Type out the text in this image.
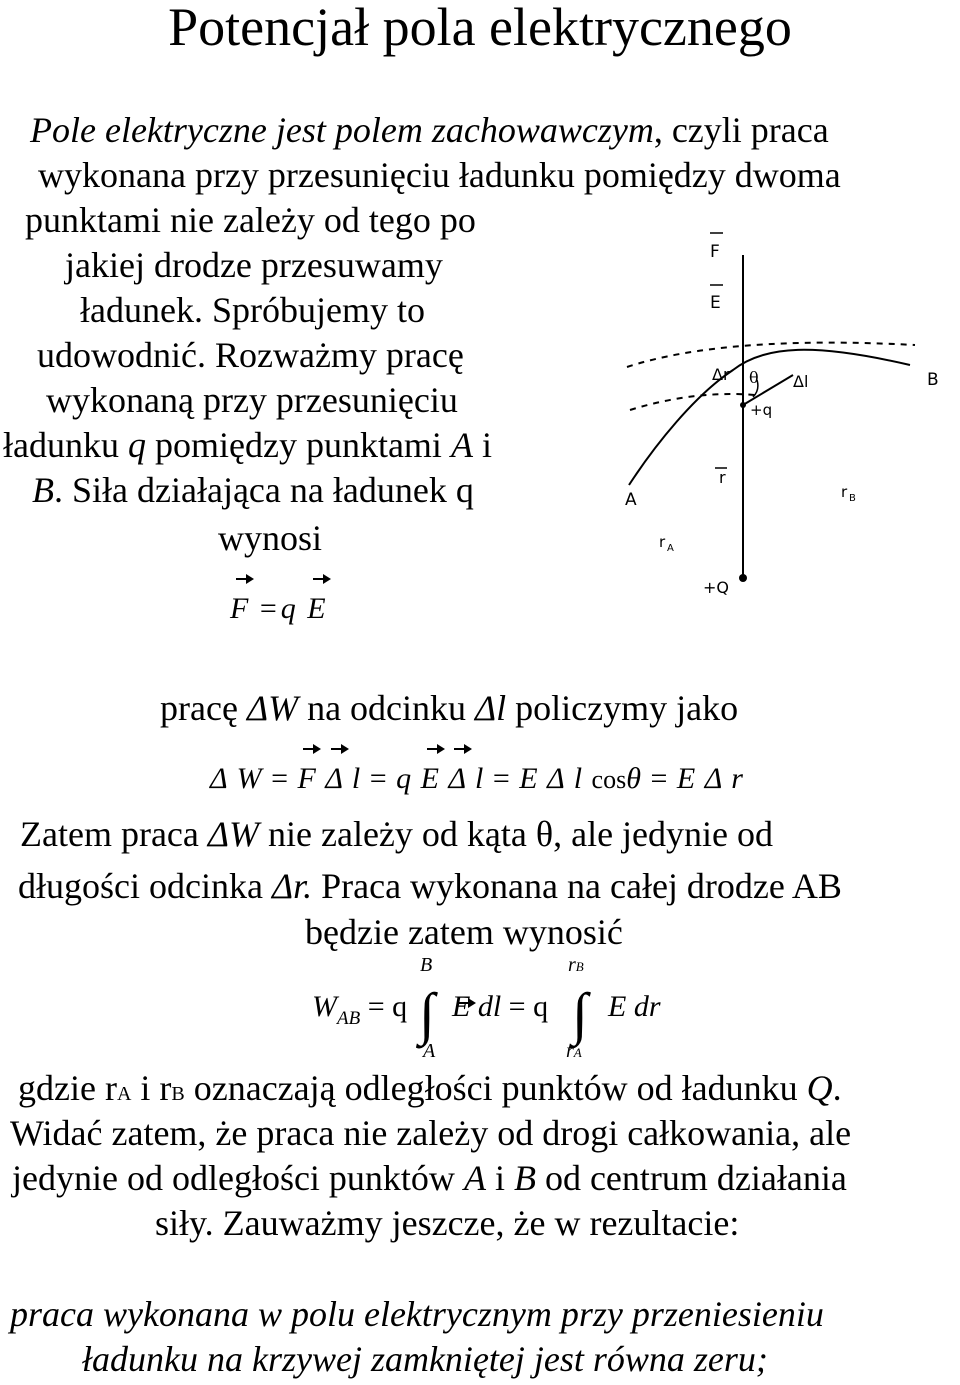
Potencjał pola elektrycznego
Pole elektryczne jest polem zachowawczym, czyli praca
wykonana przy przesunięciu ładunku pomiędzy dwoma
punktami nie zależy od tego po
jakiej drodze przesuwamy
ładunek. Spróbujemy to
udowodnić. Rozważmy pracę
wykonaną przy przesunięciu
ładunku q pomiędzy punktami A i
B. Siła działająca na ładunek q
wynosi
F = q E
F
E
Δr θ Δl	B
+q
r
A	r B
r A
+Q
pracę ΔW na odcinku Δl policzymy jako
Δ W = F Δ l = q E Δ l = E Δ l cosθ = E Δ r
Zatem praca ΔW nie zależy od kąta θ, ale jedynie od
długości odcinka Δr. Praca wykonana na całej drodze AB
będzie zatem wynosić
$W_{AB} = q$
B
∫
A
E dl = q
rB
∫
rA
E dr
gdzie rA i rB oznaczają odległości punktów od ładunku Q.
Widać zatem, że praca nie zależy od drogi całkowania, ale
jedynie od odległości punktów A i B od centrum działania
siły. Zauważmy jeszcze, że w rezultacie:
praca wykonana w polu elektrycznym przy przeniesieniu
ładunku na krzywej zamkniętej jest równa zeru;
